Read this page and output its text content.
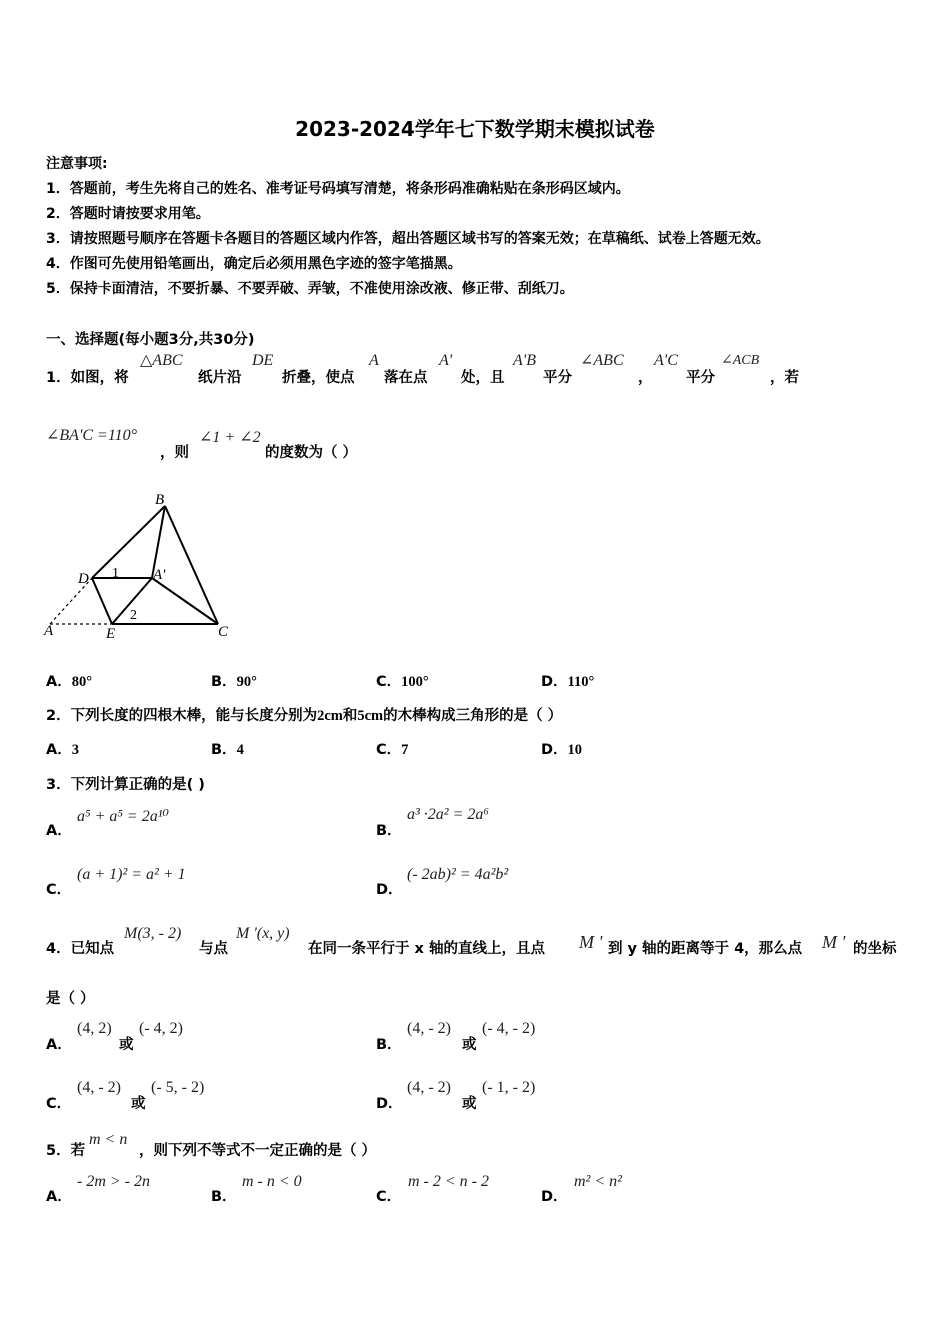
2023-2024学年七下数学期末模拟试卷
注意事项:
1．答题前，考生先将自己的姓名、准考证号码填写清楚，将条形码准确粘贴在条形码区域内。
2．答题时请按要求用笔。
3．请按照题号顺序在答题卡各题目的答题区域内作答，超出答题区域书写的答案无效；在草稿纸、试卷上答题无效。
4．作图可先使用铅笔画出，确定后必须用黑色字迹的签字笔描黑。
5．保持卡面清洁，不要折暴、不要弄破、弄皱，不准使用涂改液、修正带、刮纸刀。
一、选择题(每小题3分,共30分)
1．如图，将
△ABC
纸片沿
DE
折叠，使点
A
落在点
A'
处，且
A'B
平分
∠ABC
，
A'C
平分
∠ACB
，若
∠BA'C =110°
，则
∠1 + ∠2
的度数为（ ）
B
D	A'
A	E	C
1
2
A．80°	B．90°	C．100°	D．110°
2．下列长度的四根木棒，能与长度分别为2cm和5cm的木棒构成三角形的是（ ）
A．3	B．4	C．7	D．10
3．下列计算正确的是( )
A．
a⁵ + a⁵ = 2a¹⁰
B．
a³ ·2a² = 2a⁶
C．
(a + 1)² = a² + 1
D．
(- 2ab)² = 4a²b²
4．已知点
M(3, - 2)
与点
M '(x, y)
在同一条平行于 x 轴的直线上，且点 M ' 到 y 轴的距离等于 4，那么点 M ' 的坐标
是（ ）
A．
(4, 2)
或
(- 4, 2)
B．
(4, - 2)
或
(- 4, - 2)
C．
(4, - 2)
或
(- 5, - 2)
D．
(4, - 2)
或
(- 1, - 2)
5．若
m < n
，则下列不等式不一定正确的是（ ）
A．
- 2m > - 2n
B．
m - n < 0
C．
m - 2 < n - 2
D．
m² < n²
